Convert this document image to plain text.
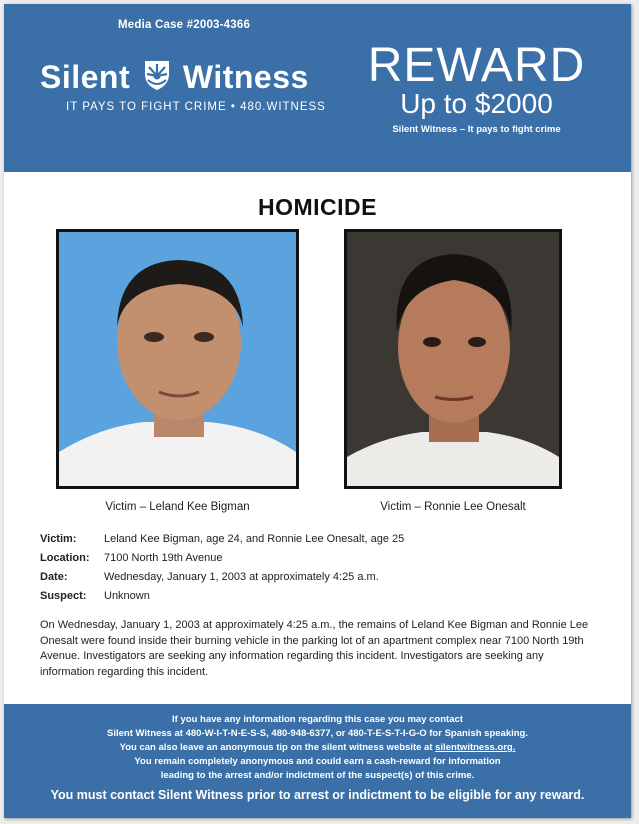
Media Case #2003-4366
Silent Witness
IT PAYS TO FIGHT CRIME • 480.WITNESS
REWARD
Up to $2000
Silent Witness – It pays to fight crime
HOMICIDE
Victim – Leland Kee Bigman	Victim – Ronnie Lee Onesalt
Victim:	Leland Kee Bigman, age 24, and Ronnie Lee Onesalt, age 25
Location:	7100 North 19th Avenue
Date:	Wednesday, January 1, 2003 at approximately 4:25 a.m.
Suspect:	Unknown
On Wednesday, January 1, 2003 at approximately 4:25 a.m., the remains of Leland Kee Bigman and Ronnie Lee Onesalt were found inside their burning vehicle in the parking lot of an apartment complex near 7100 North 19th Avenue. Investigators are seeking any information regarding this incident. Investigators are seeking any information regarding this incident.
If you have any information regarding this case you may contact
Silent Witness at 480-W-I-T-N-E-S-S, 480-948-6377, or 480-T-E-S-T-I-G-O for Spanish speaking.
You can also leave an anonymous tip on the silent witness website at silentwitness.org.
You remain completely anonymous and could earn a cash-reward for information
leading to the arrest and/or indictment of the suspect(s) of this crime.
You must contact Silent Witness prior to arrest or indictment to be eligible for any reward.
